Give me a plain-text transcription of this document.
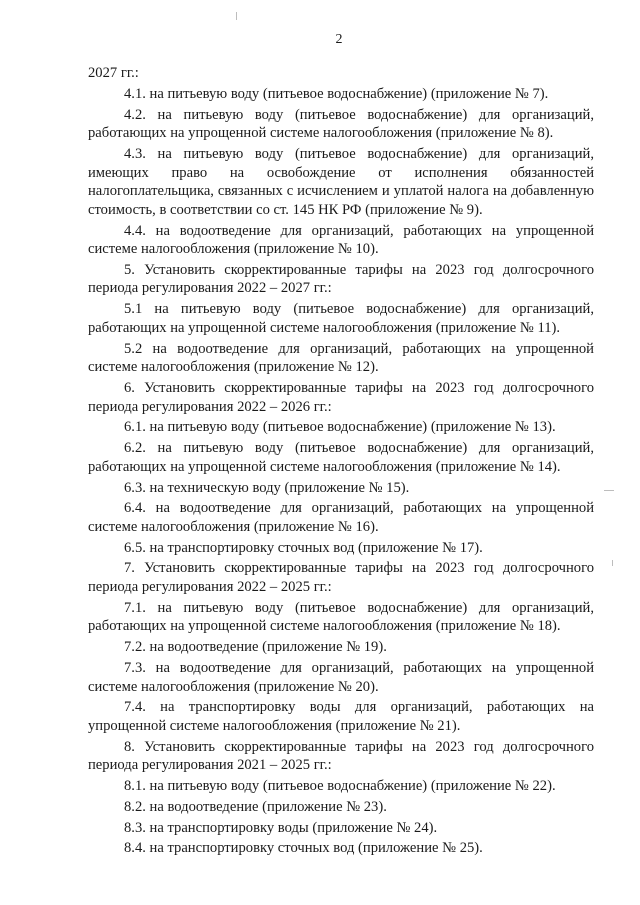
2

2027 гг.:

4.1. на питьевую воду (питьевое водоснабжение) (приложение № 7).

4.2. на питьевую воду (питьевое водоснабжение) для организаций, работающих на упрощенной системе налогообложения (приложение № 8).

4.3. на питьевую воду (питьевое водоснабжение) для организаций, имеющих право на освобождение от исполнения обязанностей налогоплательщика, связанных с исчислением и уплатой налога на добавленную стоимость, в соответствии со ст. 145 НК РФ (приложение № 9).

4.4. на водоотведение для организаций, работающих на упрощенной системе налогообложения (приложение № 10).

5. Установить скорректированные тарифы на 2023 год долгосрочного периода регулирования 2022 – 2027 гг.:

5.1 на питьевую воду (питьевое водоснабжение) для организаций, работающих на упрощенной системе налогообложения (приложение № 11).

5.2 на водоотведение для организаций, работающих на упрощенной системе налогообложения (приложение № 12).

6. Установить скорректированные тарифы на 2023 год долгосрочного периода регулирования 2022 – 2026 гг.:

6.1. на питьевую воду (питьевое водоснабжение) (приложение № 13).

6.2. на питьевую воду (питьевое водоснабжение) для организаций, работающих на упрощенной системе налогообложения (приложение № 14).

6.3. на техническую воду (приложение № 15).

6.4. на водоотведение для организаций, работающих на упрощенной системе налогообложения (приложение № 16).

6.5. на транспортировку сточных вод (приложение № 17).

7. Установить скорректированные тарифы на 2023 год долгосрочного периода регулирования 2022 – 2025 гг.:

7.1. на питьевую воду (питьевое водоснабжение) для организаций, работающих на упрощенной системе налогообложения (приложение № 18).

7.2. на водоотведение (приложение № 19).

7.3. на водоотведение для организаций, работающих на упрощенной системе налогообложения (приложение № 20).

7.4. на транспортировку воды для организаций, работающих на упрощенной системе налогообложения (приложение № 21).

8. Установить скорректированные тарифы на 2023 год долгосрочного периода регулирования 2021 – 2025 гг.:

8.1. на питьевую воду (питьевое водоснабжение) (приложение № 22).

8.2. на водоотведение (приложение № 23).

8.3. на транспортировку воды (приложение № 24).

8.4. на транспортировку сточных вод (приложение № 25).
